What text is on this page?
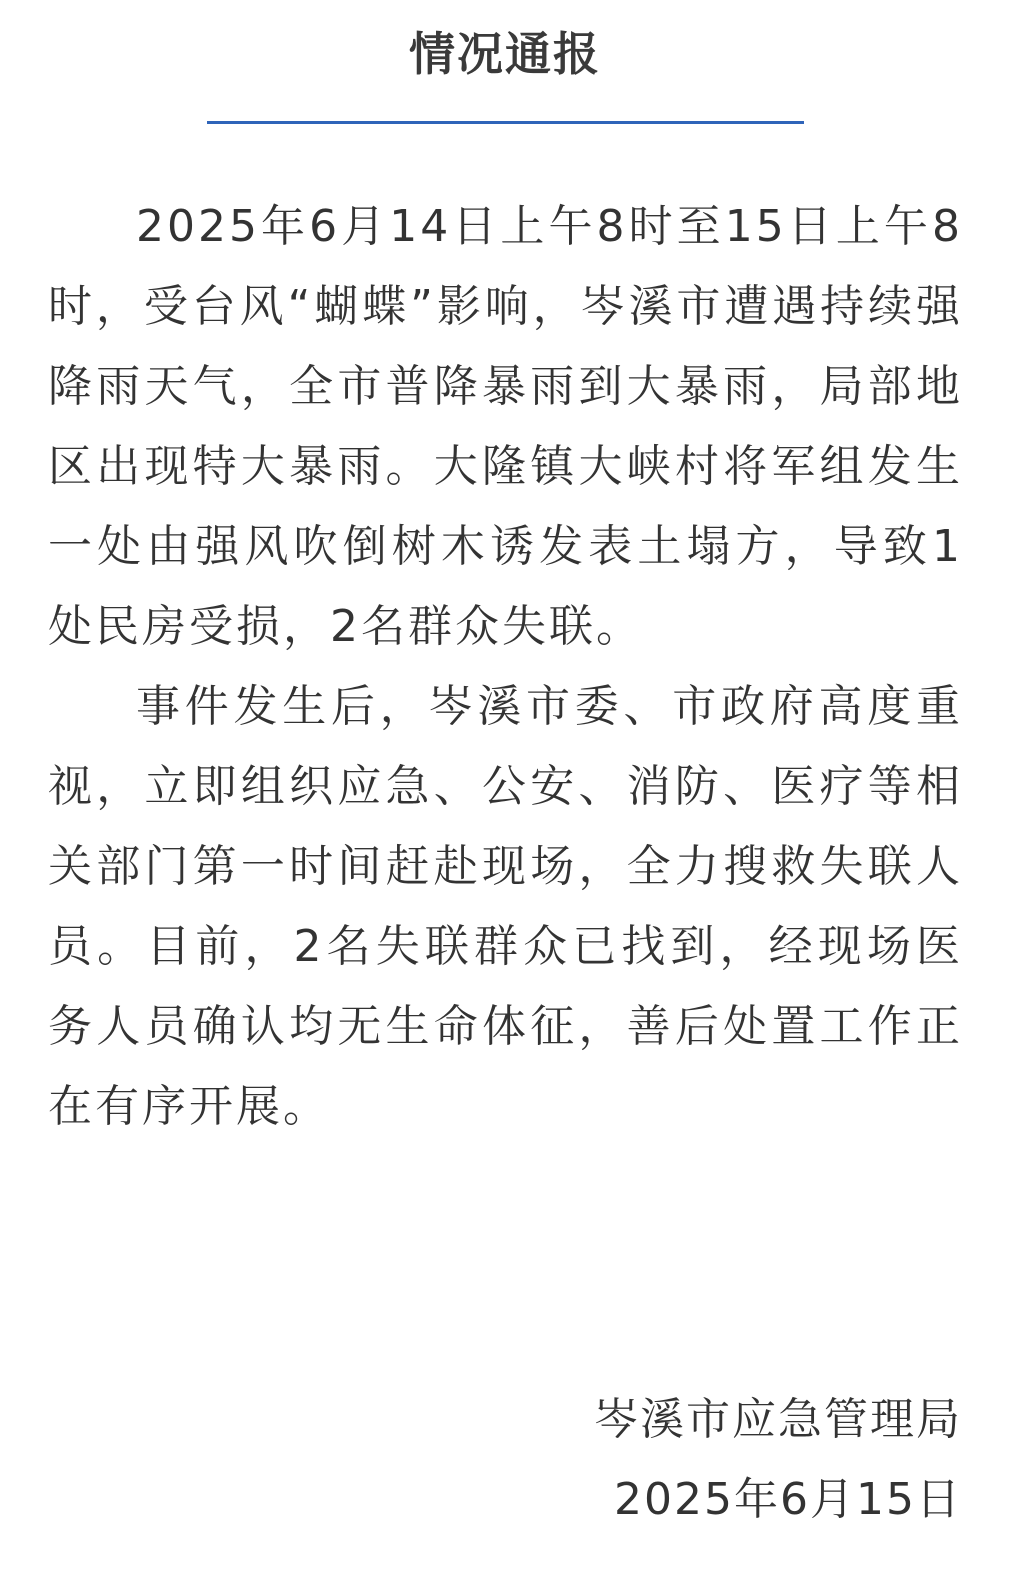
情况通报

2025年6月14日上午8时至15日上午8时，受台风“蝴蝶”影响，岑溪市遭遇持续强降雨天气，全市普降暴雨到大暴雨，局部地区出现特大暴雨。大隆镇大峡村将军组发生一处由强风吹倒树木诱发表土塌方，导致1处民房受损，2名群众失联。

事件发生后，岑溪市委、市政府高度重视，立即组织应急、公安、消防、医疗等相关部门第一时间赶赴现场，全力搜救失联人员。目前，2名失联群众已找到，经现场医务人员确认均无生命体征，善后处置工作正在有序开展。

岑溪市应急管理局
2025年6月15日
